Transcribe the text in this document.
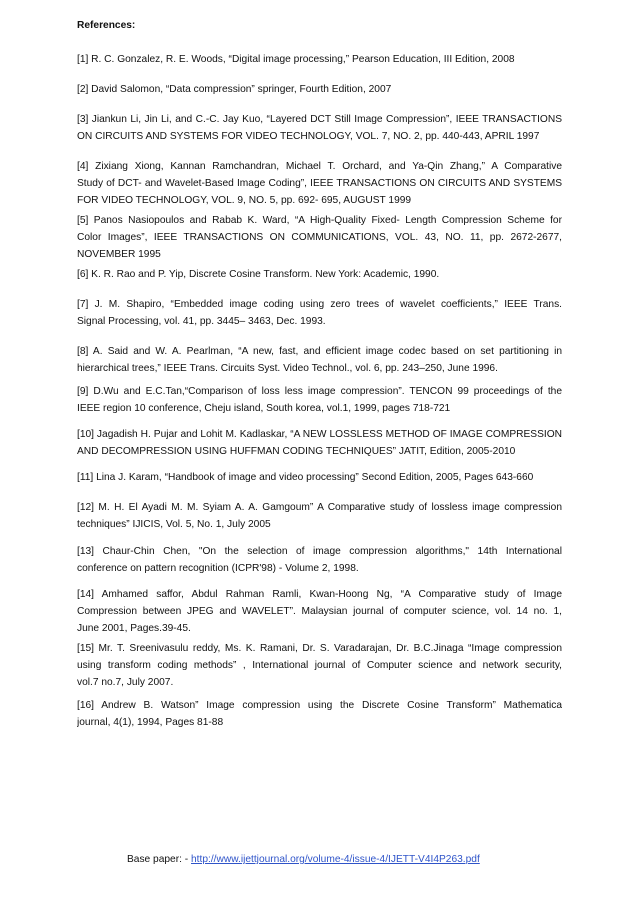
References:
[1] R. C. Gonzalez, R. E. Woods, “Digital image processing,” Pearson Education, III Edition, 2008
[2] David Salomon, “Data compression” springer, Fourth Edition, 2007
[3] Jiankun Li, Jin Li, and C.-C. Jay Kuo, “Layered DCT Still Image Compression”, IEEE TRANSACTIONS
ON CIRCUITS AND SYSTEMS FOR VIDEO TECHNOLOGY, VOL. 7, NO. 2, pp. 440-443, APRIL 1997
[4] Zixiang Xiong, Kannan Ramchandran, Michael T. Orchard, and Ya-Qin Zhang,” A Comparative
Study of DCT- and Wavelet-Based Image Coding”, IEEE TRANSACTIONS ON CIRCUITS AND SYSTEMS
FOR VIDEO TECHNOLOGY, VOL. 9, NO. 5, pp. 692- 695, AUGUST 1999
[5] Panos Nasiopoulos and Rabab K. Ward, “A High-Quality Fixed- Length Compression Scheme for
Color Images”, IEEE TRANSACTIONS ON COMMUNICATIONS, VOL. 43, NO. 11, pp. 2672-2677,
NOVEMBER 1995
[6] K. R. Rao and P. Yip, Discrete Cosine Transform. New York: Academic, 1990.
[7] J. M. Shapiro, “Embedded image coding using zero trees of wavelet coefficients,” IEEE Trans.
Signal Processing, vol. 41, pp. 3445– 3463, Dec. 1993.
[8] A. Said and W. A. Pearlman, “A new, fast, and efficient image codec based on set partitioning in
hierarchical trees,” IEEE Trans. Circuits Syst. Video Technol., vol. 6, pp. 243–250, June 1996.
[9] D.Wu and E.C.Tan,“Comparison of loss less image compression”. TENCON 99 proceedings of the
IEEE region 10 conference, Cheju island, South korea, vol.1, 1999, pages 718-721
[10] Jagadish H. Pujar and Lohit M. Kadlaskar, “A NEW LOSSLESS METHOD OF IMAGE COMPRESSION
AND DECOMPRESSION USING HUFFMAN CODING TECHNIQUES” JATIT, Edition, 2005-2010
[11] Lina J. Karam, “Handbook of image and video processing” Second Edition, 2005, Pages 643-660
[12] M. H. El Ayadi M. M. Syiam A. A. Gamgoum” A Comparative study of lossless image compression
techniques” IJICIS, Vol. 5, No. 1, July 2005
[13] Chaur-Chin Chen, "On the selection of image compression algorithms," 14th International
conference on pattern recognition (ICPR'98) - Volume 2, 1998.
[14] Amhamed saffor, Abdul Rahman Ramli, Kwan-Hoong Ng, “A Comparative study of Image
Compression between JPEG and WAVELET”. Malaysian journal of computer science, vol. 14 no. 1,
June 2001, Pages.39-45.
[15] Mr. T. Sreenivasulu reddy, Ms. K. Ramani, Dr. S. Varadarajan, Dr. B.C.Jinaga “Image compression
using transform coding methods” , International journal of Computer science and network security,
vol.7 no.7, July 2007.
[16] Andrew B. Watson” Image compression using the Discrete Cosine Transform” Mathematica
journal, 4(1), 1994, Pages 81-88
Base paper: - http://www.ijettjournal.org/volume-4/issue-4/IJETT-V4I4P263.pdf
